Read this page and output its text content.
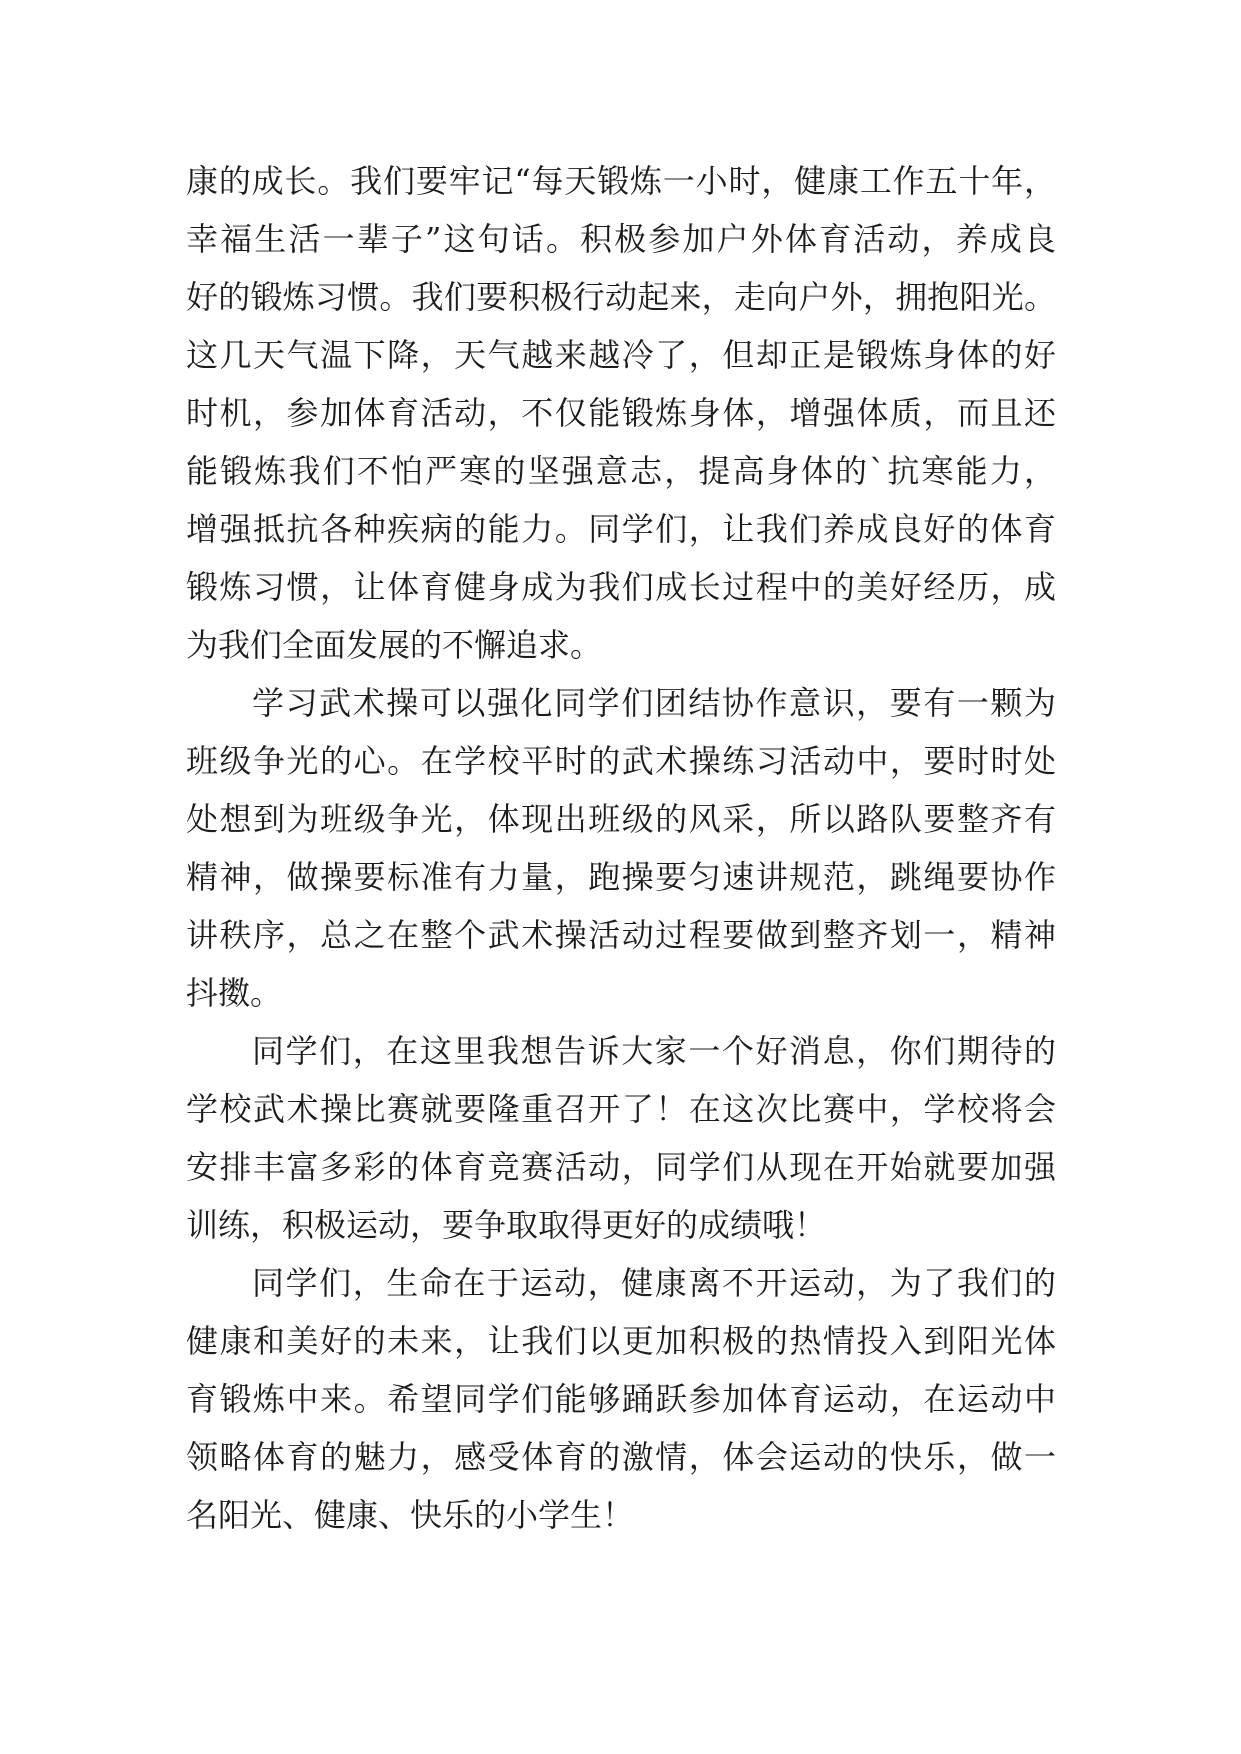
康的成长。我们要牢记“每天锻炼一小时，健康工作五十年，
幸福生活一辈子”这句话。积极参加户外体育活动，养成良
好的锻炼习惯。我们要积极行动起来，走向户外，拥抱阳光。
这几天气温下降，天气越来越冷了，但却正是锻炼身体的好
时机，参加体育活动，不仅能锻炼身体，增强体质，而且还
能锻炼我们不怕严寒的坚强意志，提高身体的`抗寒能力，
增强抵抗各种疾病的能力。同学们，让我们养成良好的体育
锻炼习惯，让体育健身成为我们成长过程中的美好经历，成
为我们全面发展的不懈追求。
学习武术操可以强化同学们团结协作意识，要有一颗为
班级争光的心。在学校平时的武术操练习活动中，要时时处
处想到为班级争光，体现出班级的风采，所以路队要整齐有
精神，做操要标准有力量，跑操要匀速讲规范，跳绳要协作
讲秩序，总之在整个武术操活动过程要做到整齐划一，精神
抖擞。
同学们，在这里我想告诉大家一个好消息，你们期待的
学校武术操比赛就要隆重召开了！在这次比赛中，学校将会
安排丰富多彩的体育竞赛活动，同学们从现在开始就要加强
训练，积极运动，要争取取得更好的成绩哦！
同学们，生命在于运动，健康离不开运动，为了我们的
健康和美好的未来，让我们以更加积极的热情投入到阳光体
育锻炼中来。希望同学们能够踊跃参加体育运动，在运动中
领略体育的魅力，感受体育的激情，体会运动的快乐，做一
名阳光、健康、快乐的小学生！
